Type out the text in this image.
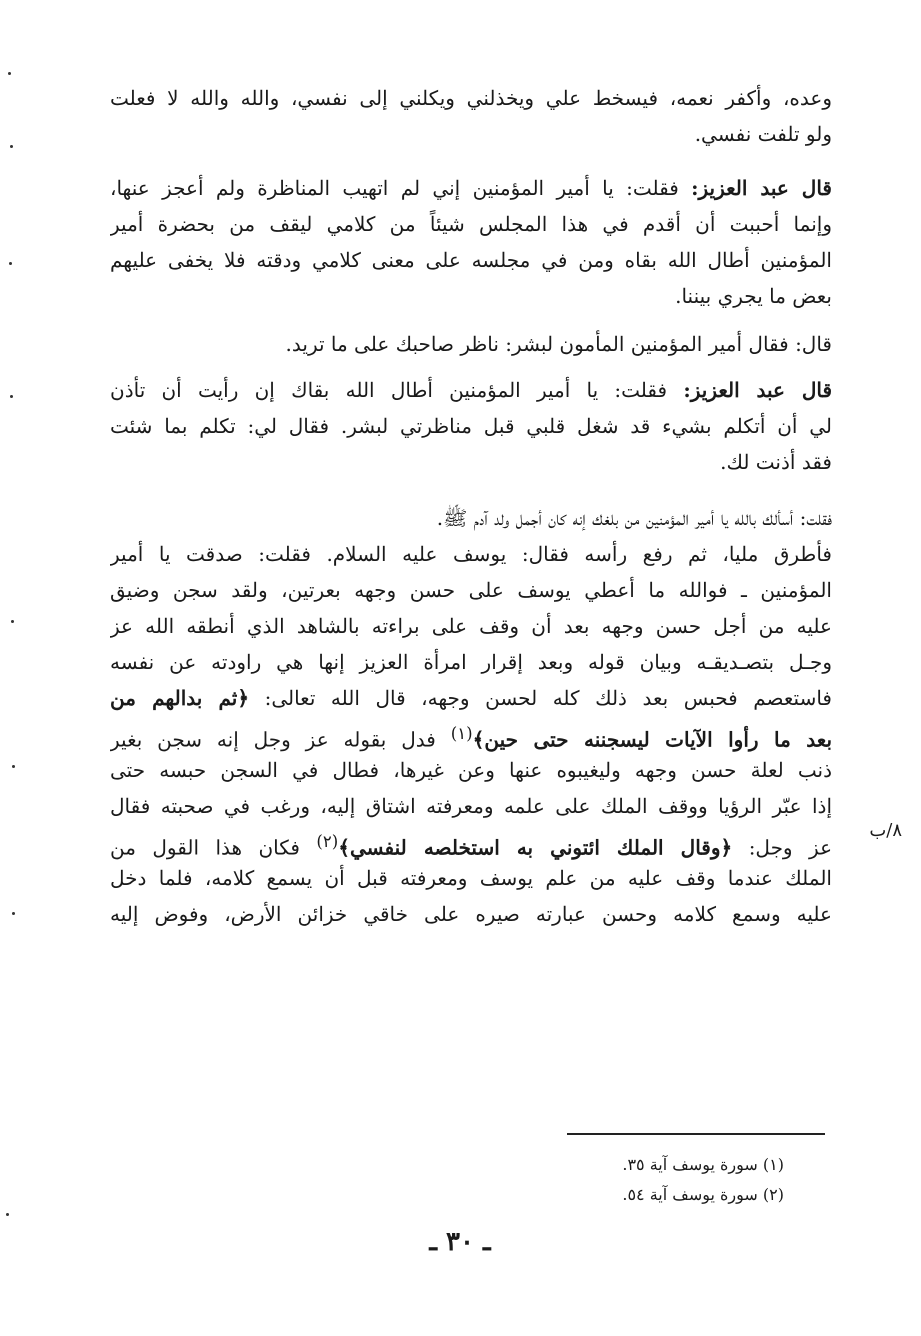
وعده، وأكفر نعمه، فيسخط علي ويخذلني ويكلني إلى نفسي، والله والله لا فعلت
ولو تلفت نفسي.
قال عبد العزيز: فقلت: يا أمير المؤمنين إني لم اتهيب المناظرة ولم أعجز عنها،
وإنما أحببت أن أقدم في هذا المجلس شيئاً من كلامي ليقف من بحضرة أمير
المؤمنين أطال الله بقاه ومن في مجلسه على معنى كلامي ودقته فلا يخفى عليهم
بعض ما يجري بيننا.
قال: فقال أمير المؤمنين المأمون لبشر: ناظر صاحبك على ما تريد.
قال عبد العزيز: فقلت: يا أمير المؤمنين أطال الله بقاك إن رأيت أن تأذن
لي أن أتكلم بشيء قد شغل قلبي قبل مناظرتي لبشر. فقال لي: تكلم بما شئت
فقد أذنت لك.
فقلت: أسألك بالله يا أمير المؤمنين من بلغك إنه كان أجمل ولد آدم ﷺ.
فأطرق مليا، ثم رفع رأسه فقال: يوسف عليه السلام. فقلت: صدقت يا أمير
المؤمنين ـ فوالله ما أعطي يوسف على حسن وجهه بعرتين، ولقد سجن وضيق
عليه من أجل حسن وجهه بعد أن وقف على براءته بالشاهد الذي أنطقه الله عز
وجـل بتصـديقـه وبيان قوله وبعد إقرار امرأة العزيز إنها هي راودته عن نفسه
فاستعصم فحبس بعد ذلك كله لحسن وجهه، قال الله تعالى: ﴿ثم بدالهم من
بعد ما رأوا الآيات ليسجننه حتى حين﴾$^{(١)}$ فدل بقوله عز وجل إنه سجن بغير
ذنب لعلة حسن وجهه وليغيبوه عنها وعن غيرها، فطال في السجن حبسه حتى
إذا عبّر الرؤيا ووقف الملك على علمه ومعرفته اشتاق إليه، ورغب في صحبته فقال
عز وجل: ﴿وقال الملك ائتوني به استخلصه لنفسي﴾$^{(٢)}$ فكان هذا القول من
الملك عندما وقف عليه من علم يوسف ومعرفته قبل أن يسمع كلامه، فلما دخل
عليه وسمع كلامه وحسن عبارته صيره على خاقي خزائن الأرض، وفوض إليه
٨/ب
(١) سورة يوسف آية ٣٥.
(٢) سورة يوسف آية ٥٤.
ـ ٣٠ ـ
